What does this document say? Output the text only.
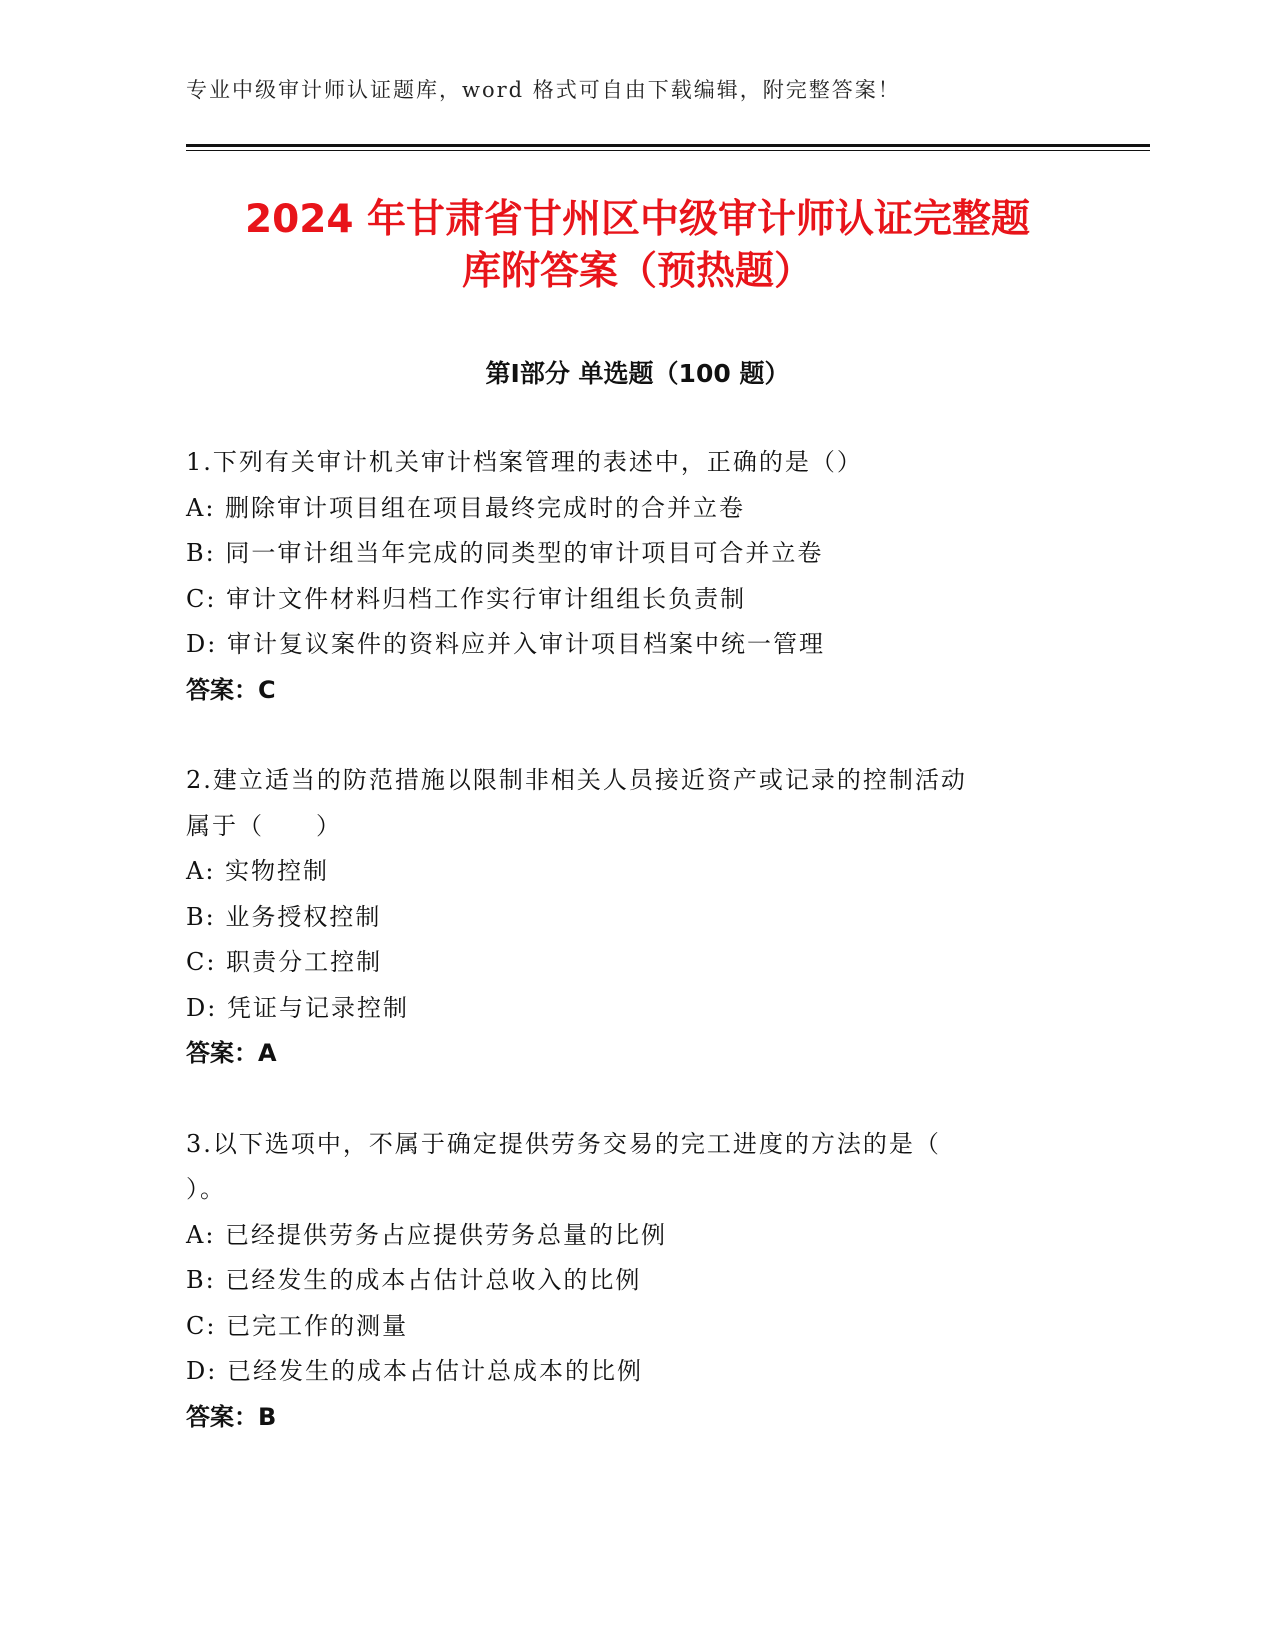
专业中级审计师认证题库，word 格式可自由下载编辑，附完整答案！
2024 年甘肃省甘州区中级审计师认证完整题
库附答案（预热题）
第Ⅰ部分 单选题（100 题）
1.下列有关审计机关审计档案管理的表述中，正确的是（）
A: 删除审计项目组在项目最终完成时的合并立卷
B: 同一审计组当年完成的同类型的审计项目可合并立卷
C: 审计文件材料归档工作实行审计组组长负责制
D: 审计复议案件的资料应并入审计项目档案中统一管理
答案：C
2.建立适当的防范措施以限制非相关人员接近资产或记录的控制活动
属于（　　）
A: 实物控制
B: 业务授权控制
C: 职责分工控制
D: 凭证与记录控制
答案：A
3.以下选项中，不属于确定提供劳务交易的完工进度的方法的是（
）。
A: 已经提供劳务占应提供劳务总量的比例
B: 已经发生的成本占估计总收入的比例
C: 已完工作的测量
D: 已经发生的成本占估计总成本的比例
答案：B
